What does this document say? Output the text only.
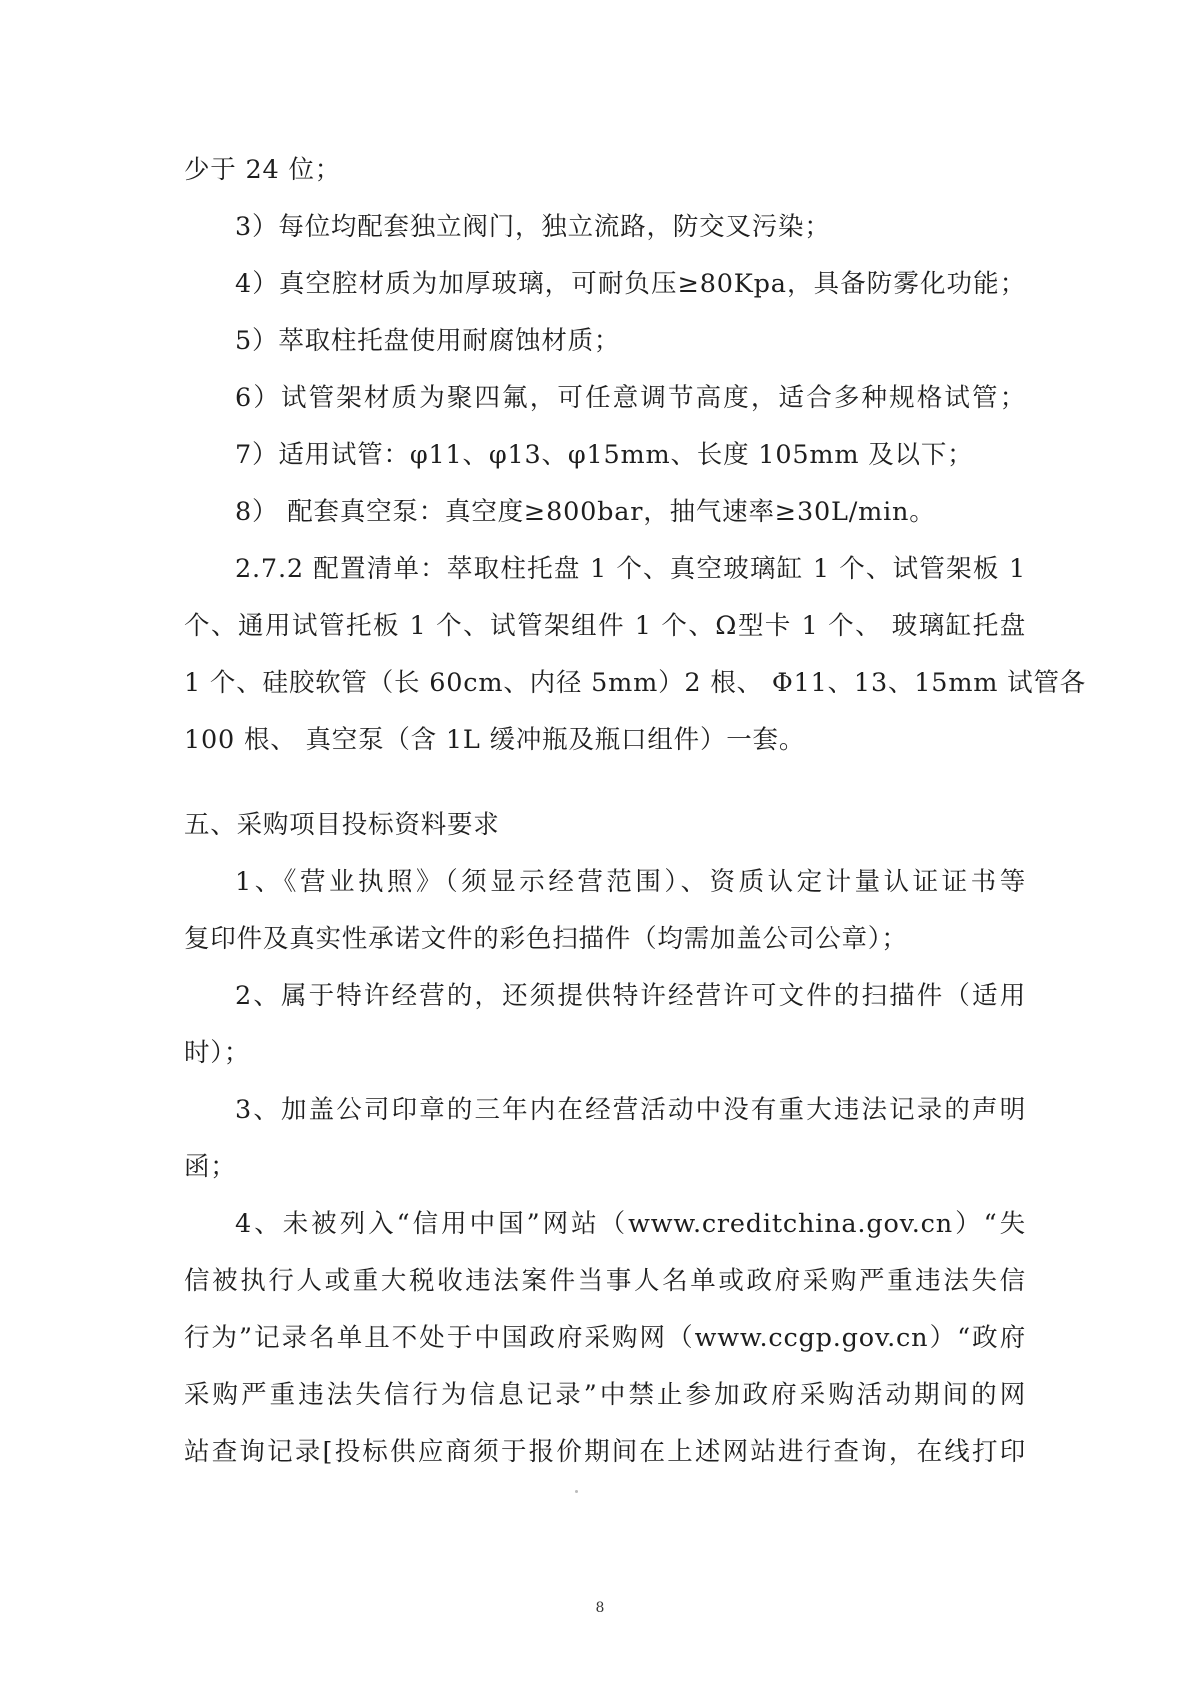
少于 24 位；
3）每位均配套独立阀门，独立流路，防交叉污染；
4）真空腔材质为加厚玻璃，可耐负压≥80Kpa，具备防雾化功能；
5）萃取柱托盘使用耐腐蚀材质；
6）试管架材质为聚四氟，可任意调节高度，适合多种规格试管；
7）适用试管：φ11、φ13、φ15mm、长度 105mm 及以下；
8） 配套真空泵：真空度≥800bar，抽气速率≥30L/min。
2.7.2 配置清单：萃取柱托盘 1 个、真空玻璃缸 1 个、试管架板 1
个、通用试管托板 1 个、试管架组件 1 个、Ω型卡 1 个、 玻璃缸托盘
1 个、硅胶软管（长 60cm、内径 5mm）2 根、 Φ11、13、15mm 试管各
100 根、 真空泵（含 1L 缓冲瓶及瓶口组件）一套。
五、采购项目投标资料要求
1、《营业执照》（须显示经营范围）、资质认定计量认证证书等
复印件及真实性承诺文件的彩色扫描件（均需加盖公司公章）；
2、属于特许经营的，还须提供特许经营许可文件的扫描件（适用
时）；
3、加盖公司印章的三年内在经营活动中没有重大违法记录的声明
函；
4、未被列入“信用中国”网站（www.creditchina.gov.cn）“失
信被执行人或重大税收违法案件当事人名单或政府采购严重违法失信
行为”记录名单且不处于中国政府采购网（www.ccgp.gov.cn）“政府
采购严重违法失信行为信息记录”中禁止参加政府采购活动期间的网
站查询记录[投标供应商须于报价期间在上述网站进行查询，在线打印
8
